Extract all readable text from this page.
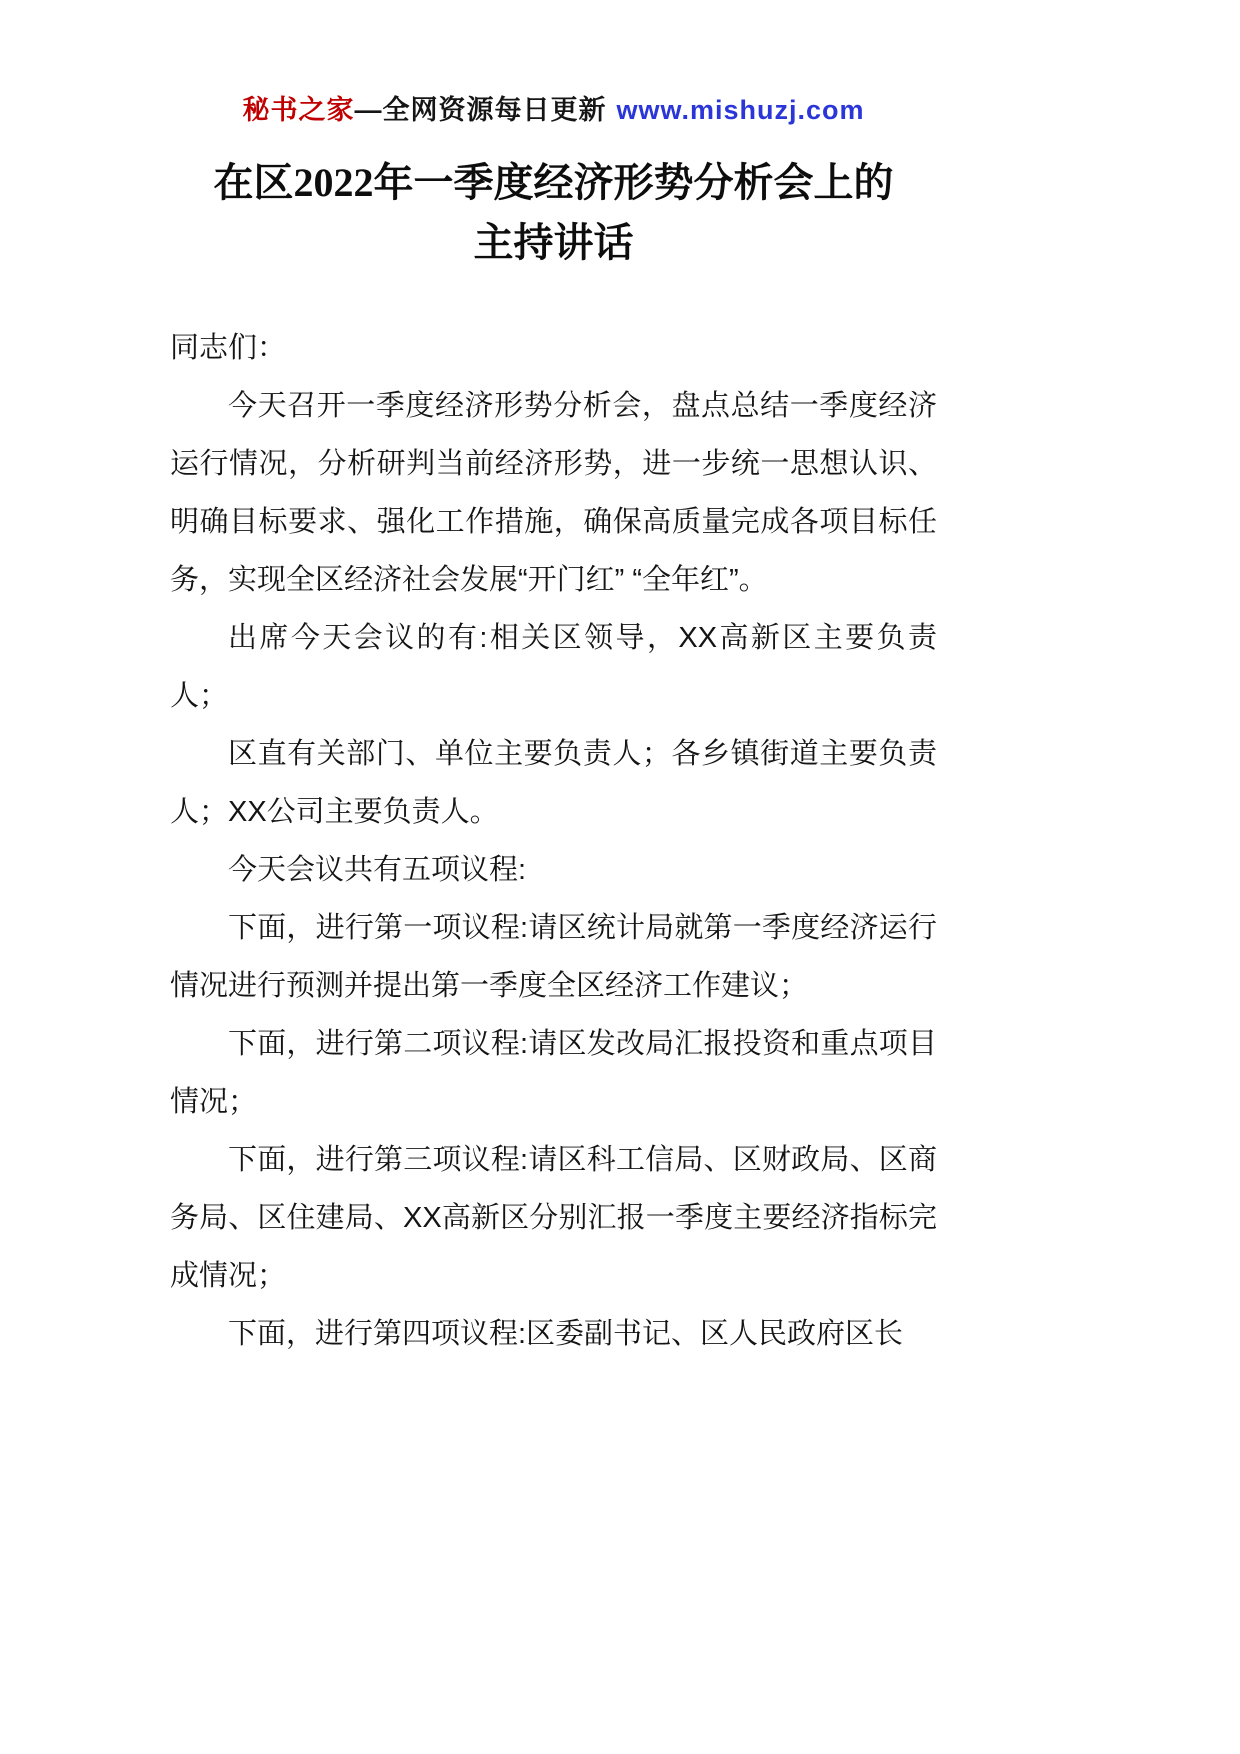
秘书之家—全网资源每日更新 www.mishuzj.com
在区2022年一季度经济形势分析会上的
主持讲话

同志们：

今天召开一季度经济形势分析会，盘点总结一季度经济运行情况，分析研判当前经济形势，进一步统一思想认识、明确目标要求、强化工作措施，确保高质量完成各项目标任务，实现全区经济社会发展“开门红” “全年红”。

出席今天会议的有:相关区领导，XX高新区主要负责人；

区直有关部门、单位主要负责人；各乡镇街道主要负责人；XX公司主要负责人。

今天会议共有五项议程:

下面，进行第一项议程:请区统计局就第一季度经济运行情况进行预测并提出第一季度全区经济工作建议；

下面，进行第二项议程:请区发改局汇报投资和重点项目情况；

下面，进行第三项议程:请区科工信局、区财政局、区商务局、区住建局、XX高新区分别汇报一季度主要经济指标完成情况；

下面，进行第四项议程:区委副书记、区人民政府区长
